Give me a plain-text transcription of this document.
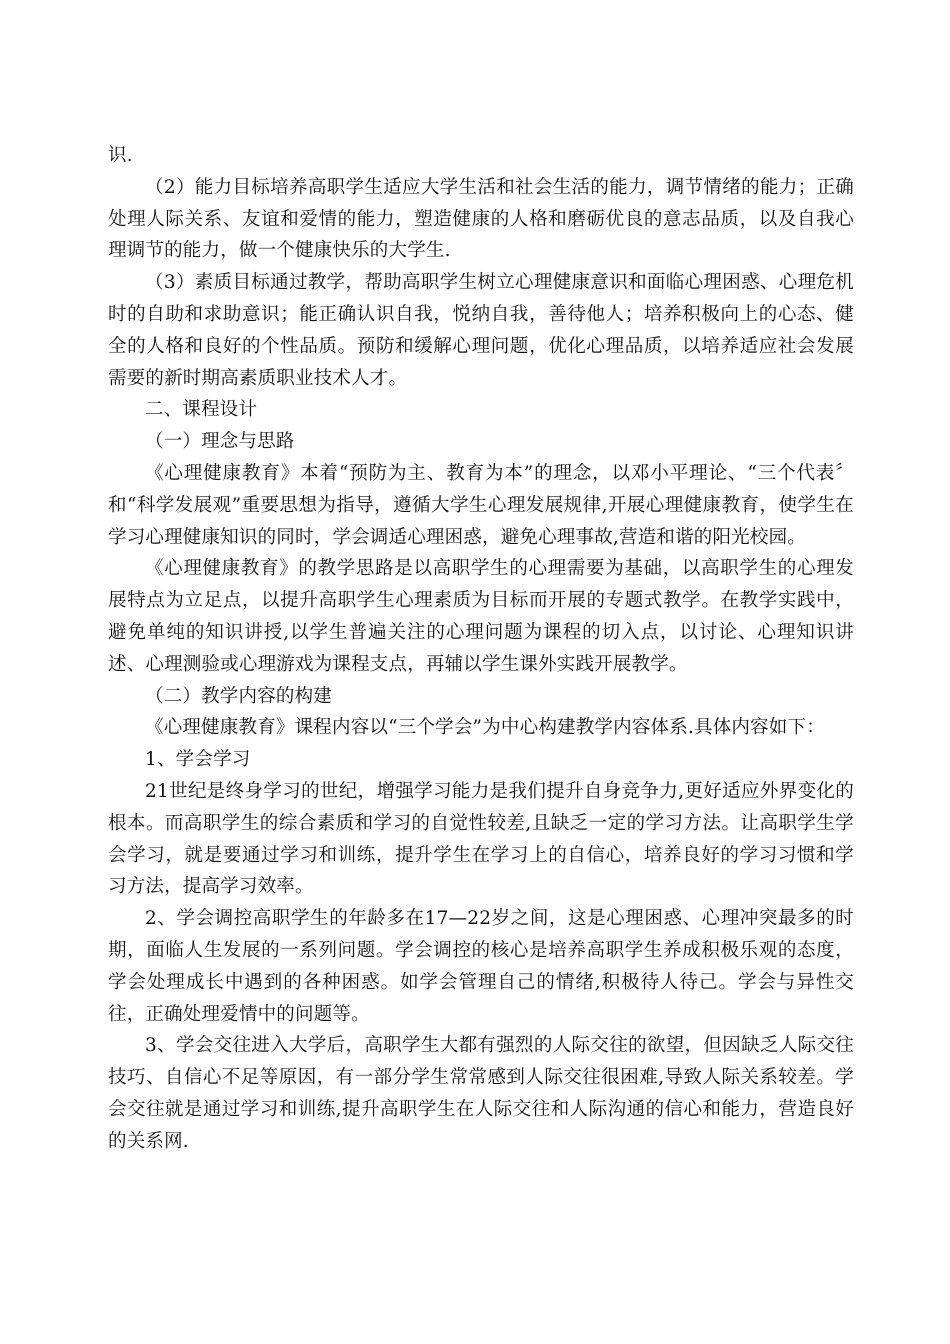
识.

（2）能力目标培养高职学生适应大学生活和社会生活的能力，调节情绪的能力；正确处理人际关系、友谊和爱情的能力，塑造健康的人格和磨砺优良的意志品质，以及自我心理调节的能力，做一个健康快乐的大学生.

（3）素质目标通过教学，帮助高职学生树立心理健康意识和面临心理困惑、心理危机时的自助和求助意识；能正确认识自我，悦纳自我，善待他人；培养积极向上的心态、健全的人格和良好的个性品质。预防和缓解心理问题，优化心理品质，以培养适应社会发展需要的新时期高素质职业技术人才。

二、课程设计

（一）理念与思路

《心理健康教育》本着“预防为主、教育为本”的理念，以邓小平理论、“三个代表〞和“科学发展观”重要思想为指导，遵循大学生心理发展规律,开展心理健康教育，使学生在学习心理健康知识的同时，学会调适心理困惑，避免心理事故,营造和谐的阳光校园。

《心理健康教育》的教学思路是以高职学生的心理需要为基础，以高职学生的心理发展特点为立足点，以提升高职学生心理素质为目标而开展的专题式教学。在教学实践中，避免单纯的知识讲授,以学生普遍关注的心理问题为课程的切入点，以讨论、心理知识讲述、心理测验或心理游戏为课程支点，再辅以学生课外实践开展教学。

（二）教学内容的构建

《心理健康教育》课程内容以“三个学会”为中心构建教学内容体系.具体内容如下：

1、学会学习

21世纪是终身学习的世纪，增强学习能力是我们提升自身竞争力,更好适应外界变化的根本。而高职学生的综合素质和学习的自觉性较差,且缺乏一定的学习方法。让高职学生学会学习，就是要通过学习和训练，提升学生在学习上的自信心，培养良好的学习习惯和学习方法，提高学习效率。

2、学会调控高职学生的年龄多在17—22岁之间，这是心理困惑、心理冲突最多的时期，面临人生发展的一系列问题。学会调控的核心是培养高职学生养成积极乐观的态度，学会处理成长中遇到的各种困惑。如学会管理自己的情绪,积极待人待己。学会与异性交往，正确处理爱情中的问题等。

3、学会交往进入大学后，高职学生大都有强烈的人际交往的欲望，但因缺乏人际交往技巧、自信心不足等原因，有一部分学生常常感到人际交往很困难,导致人际关系较差。学会交往就是通过学习和训练,提升高职学生在人际交往和人际沟通的信心和能力，营造良好的关系网.
